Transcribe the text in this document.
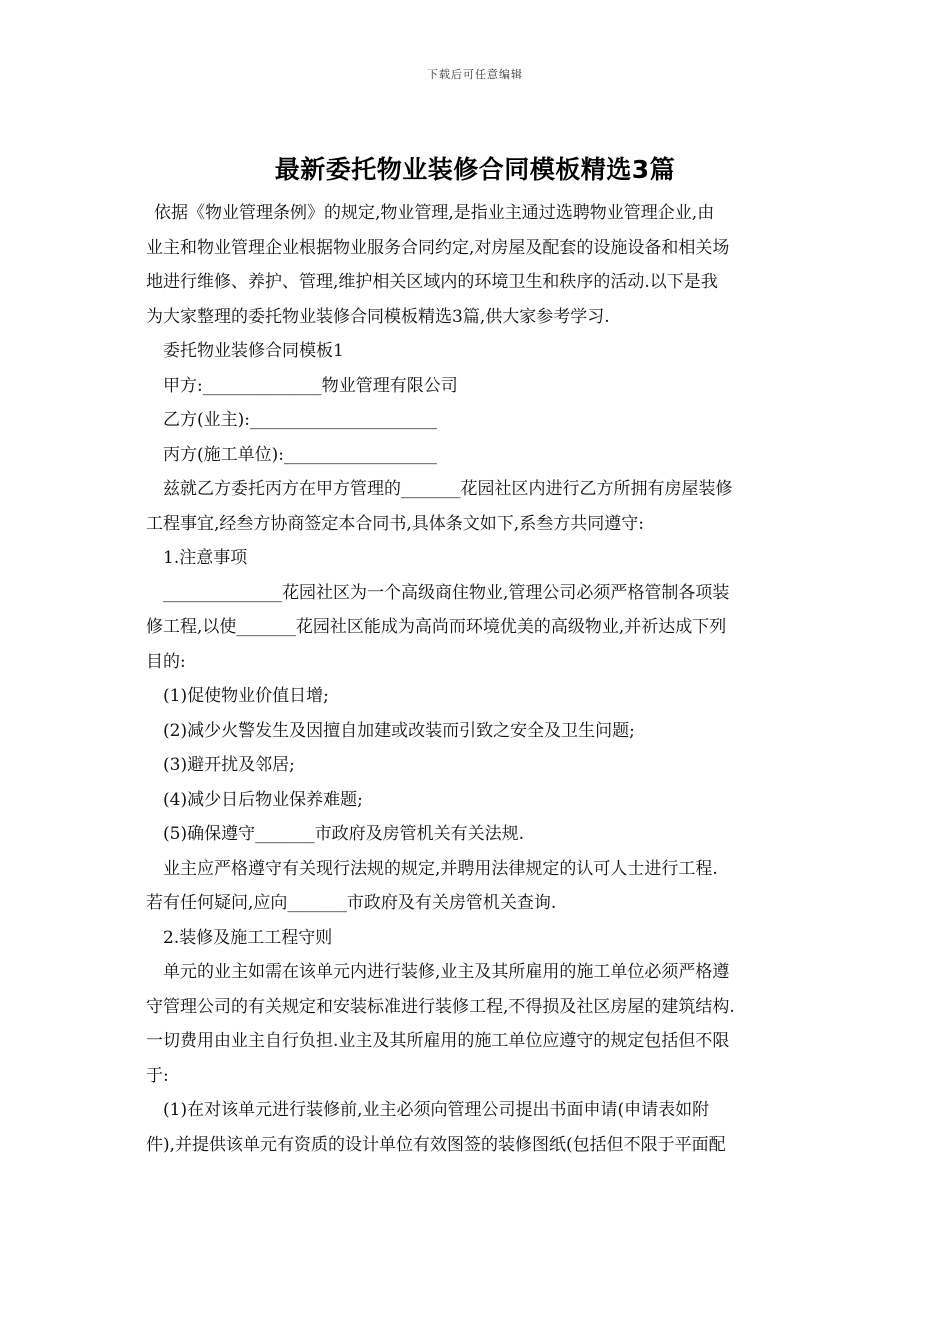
下载后可任意编辑
最新委托物业装修合同模板精选3篇

依据《物业管理条例》的规定,物业管理,是指业主通过选聘物业管理企业,由

业主和物业管理企业根据物业服务合同约定,对房屋及配套的设施设备和相关场

地进行维修、养护、管理,维护相关区域内的环境卫生和秩序的活动.以下是我

为大家整理的委托物业装修合同模板精选3篇,供大家参考学习.

委托物业装修合同模板1

甲方:______________物业管理有限公司

乙方(业主):______________________

丙方(施工单位):__________________

兹就乙方委托丙方在甲方管理的_______花园社区内进行乙方所拥有房屋装修

工程事宜,经叁方协商签定本合同书,具体条文如下,系叁方共同遵守:

1.注意事项

______________花园社区为一个高级商住物业,管理公司必须严格管制各项装

修工程,以使_______花园社区能成为高尚而环境优美的高级物业,并祈达成下列

目的:

(1)促使物业价值日增;

(2)减少火警发生及因擅自加建或改装而引致之安全及卫生问题;

(3)避开扰及邻居;

(4)减少日后物业保养难题;

(5)确保遵守_______市政府及房管机关有关法规.

业主应严格遵守有关现行法规的规定,并聘用法律规定的认可人士进行工程.

若有任何疑问,应向_______市政府及有关房管机关查询.

2.装修及施工工程守则

单元的业主如需在该单元内进行装修,业主及其所雇用的施工单位必须严格遵

守管理公司的有关规定和安装标准进行装修工程,不得损及社区房屋的建筑结构.

一切费用由业主自行负担.业主及其所雇用的施工单位应遵守的规定包括但不限

于:

(1)在对该单元进行装修前,业主必须向管理公司提出书面申请(申请表如附

件),并提供该单元有资质的设计单位有效图签的装修图纸(包括但不限于平面配
